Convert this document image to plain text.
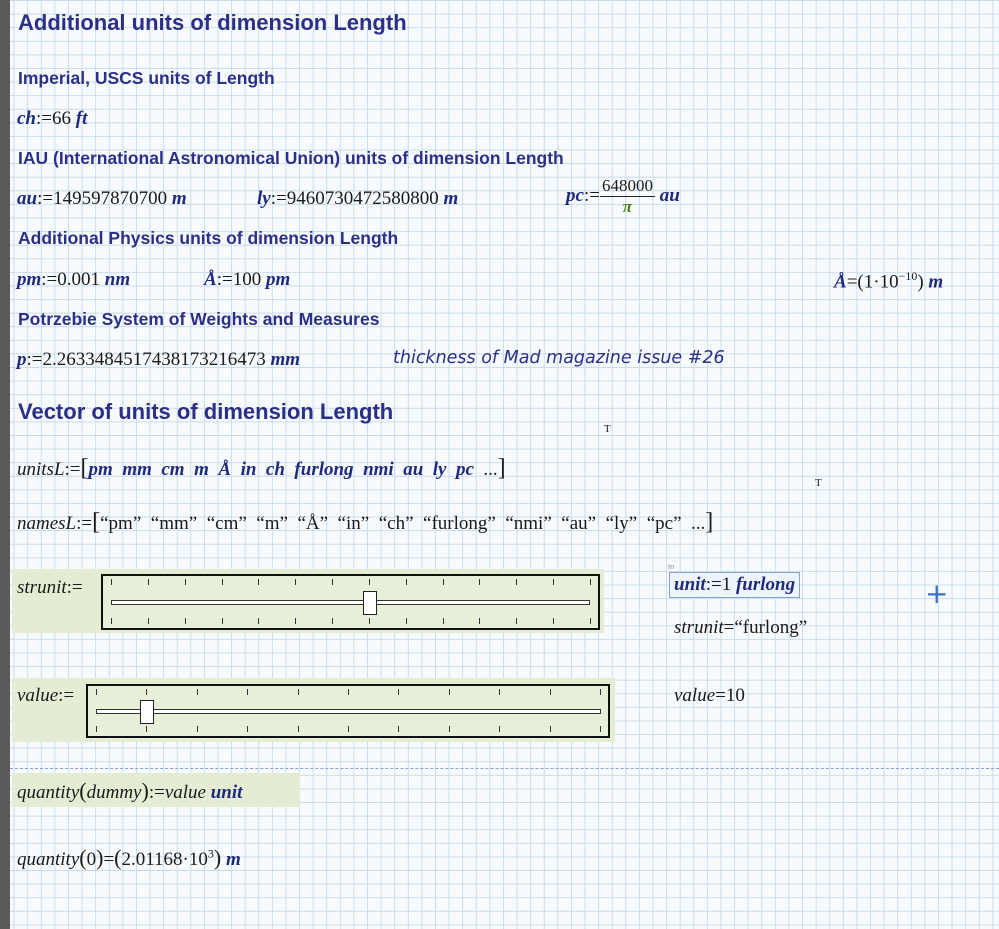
Additional units of dimension Length
Imperial, USCS units of Length
ch:=66 ft
IAU (International Astronomical Union) units of dimension Length
au:=149597870700 m	ly:=9460730472580800 m	pc:= $\frac{648000}{\pi}$ au
Additional Physics units of dimension Length
pm:=0.001 nm	Å:=100 pm	$Å=(1\cdot 10^{-10})$ m
Potrzebie System of Weights and Measures
p:=2.2633484517438173216473 mm	thickness of Mad magazine issue #26
Vector of units of dimension Length
T
unitsL:=[pm mm cm m Å in ch furlong nmi au ly pc ...]
T
namesL:=[“pm” “mm” “cm” “m” “Å” “in” “ch” “furlong” “nmi” “au” “ly” “pc” ...]
strunit:=
In
unit:=1 furlong	+
strunit=“furlong”
value:=	value=10
quantity(dummy):=value unit
$quantity(0)=(2.01168\cdot 10^3)$ m
